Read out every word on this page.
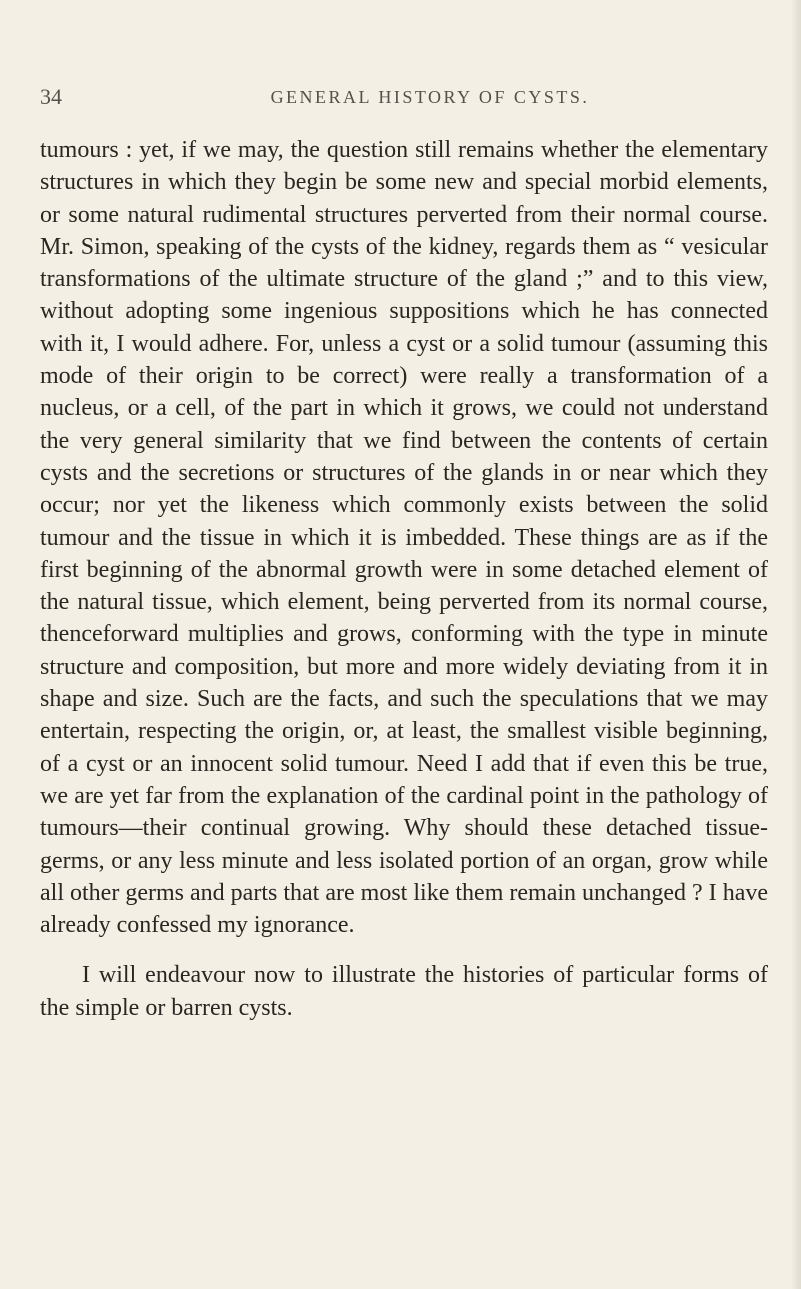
34	GENERAL HISTORY OF CYSTS.

tumours : yet, if we may, the question still remains whether the elementary structures in which they begin be some new and special morbid elements, or some natural rudimental structures perverted from their normal course. Mr. Simon, speaking of the cysts of the kidney, regards them as “ vesicular transformations of the ultimate structure of the gland ;” and to this view, without adopting some ingenious suppositions which he has connected with it, I would adhere. For, unless a cyst or a solid tumour (assuming this mode of their origin to be correct) were really a transformation of a nucleus, or a cell, of the part in which it grows, we could not understand the very general similarity that we find between the contents of certain cysts and the secretions or structures of the glands in or near which they occur; nor yet the likeness which commonly exists between the solid tumour and the tissue in which it is imbedded. These things are as if the first beginning of the abnormal growth were in some detached element of the natural tissue, which element, being perverted from its normal course, thenceforward multiplies and grows, conforming with the type in minute structure and composition, but more and more widely deviating from it in shape and size. Such are the facts, and such the speculations that we may entertain, respecting the origin, or, at least, the smallest visible beginning, of a cyst or an innocent solid tumour. Need I add that if even this be true, we are yet far from the explanation of the cardinal point in the pathology of tumours—their continual growing. Why should these detached tissue-germs, or any less minute and less isolated portion of an organ, grow while all other germs and parts that are most like them remain unchanged ? I have already confessed my ignorance.

I will endeavour now to illustrate the histories of particular forms of the simple or barren cysts.
